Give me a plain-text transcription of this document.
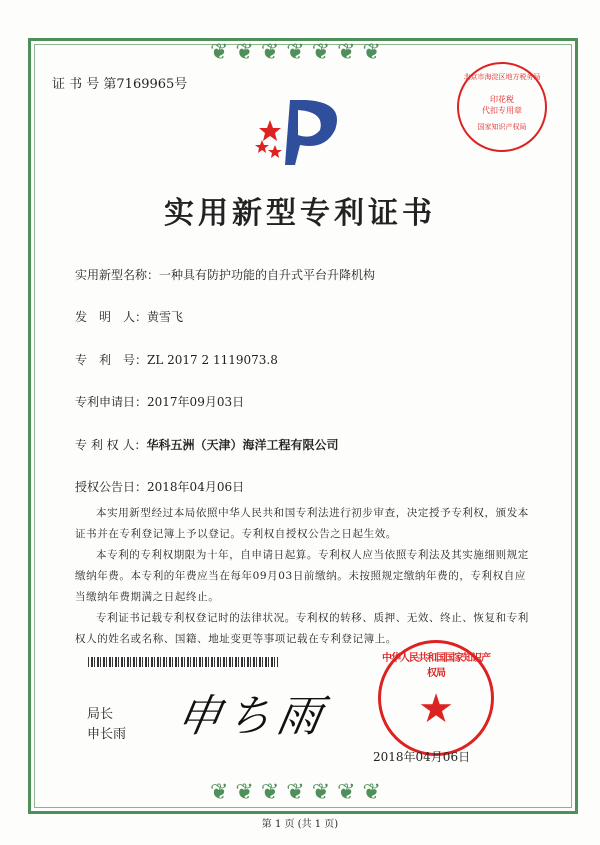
❦ ❦ ❦ ❦ ❦ ❦ ❦
❦ ❦ ❦ ❦ ❦ ❦ ❦
证 书 号 第7169965号	北京市海淀区地方税务局
印花税
代扣专用章
国家知识产权局
实用新型专利证书
实用新型名称：一种具有防护功能的自升式平台升降机构
发　明　人：黄雪飞
专　利　号：ZL 2017 2 1119073.8
专利申请日：2017年09月03日
专 利 权 人：华科五洲（天津）海洋工程有限公司
授权公告日：2018年04月06日

本实用新型经过本局依照中华人民共和国专利法进行初步审查，决定授予专利权，颁发本证书并在专利登记簿上予以登记。专利权自授权公告之日起生效。

本专利的专利权期限为十年，自申请日起算。专利权人应当依照专利法及其实施细则规定缴纳年费。本专利的年费应当在每年09月03日前缴纳。未按照规定缴纳年费的，专利权自应当缴纳年费期满之日起终止。

专利证书记载专利权登记时的法律状况。专利权的转移、质押、无效、终止、恢复和专利权人的姓名或名称、国籍、地址变更等事项记载在专利登记簿上。

局长
申长雨 申ち雨
中华人民共和国国家知识产权局
★
2018年04月06日
第 1 页 (共 1 页)
